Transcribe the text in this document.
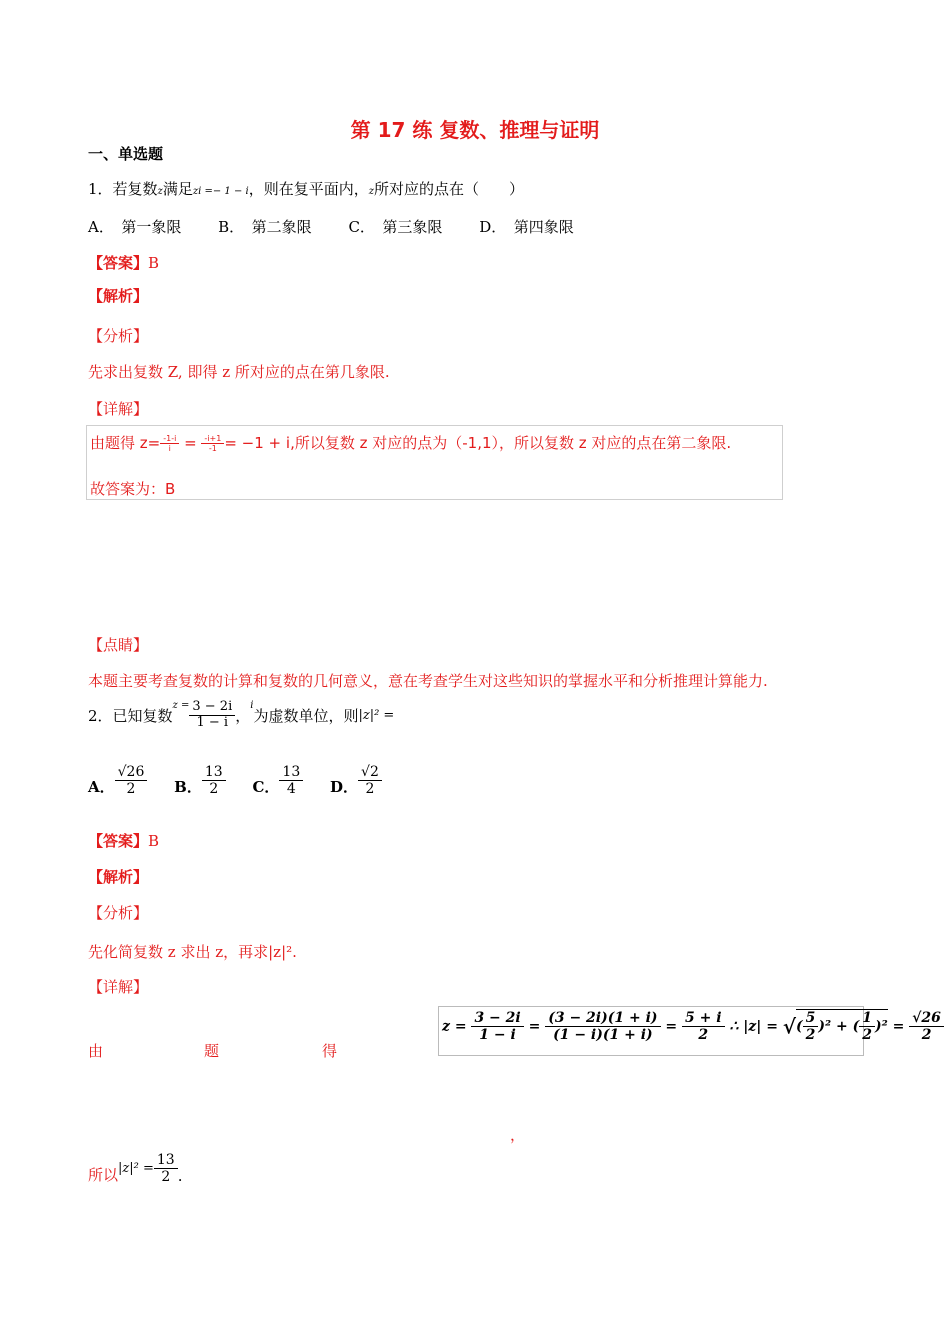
第 17 练 复数、推理与证明
一、单选题
1．若复数z满足zi =− 1 − i，则在复平面内，z所对应的点在（　　）
A．　第一象限 B．　第二象限 C．　第三象限 D．　第四象限
【答案】B
【解析】
【分析】
先求出复数 Z, 即得 z 所对应的点在第几象限.
【详解】
由题得 $z= \frac{-1-i}{i} = \frac{-i+1}{-1} = -1 + i$,所以复数 z 对应的点为（-1,1），所以复数 z 对应的点在第二象限.
故答案为：B
【点睛】
本题主要考查复数的计算和复数的几何意义，意在考查学生对这些知识的掌握水平和分析推理计算能力.
2．已知复数$^{z =} \frac{3 - 2i}{1 - i}$ ，$^i$为虚数单位，则|z|² =
A． $\frac{√26}{2}$ B． $\frac{13}{2}$ C． $\frac{13}{4}$ D． $\frac{√2}{2}$
【答案】B
【解析】
【分析】
先化简复数 z 求出 z，再求|z|².
【详解】
由	题	得
$z = \frac{3 - 2i}{1 - i} = \frac{(3 - 2i)(1 + i)}{(1 - i)(1 + i)} = \frac{5 + i}{2}$ ∴ |z| = √( $\frac{5}{2} )^2$ + ( $\frac{1}{2} )^2 = \frac{√26}{2}$
，
所以$|z|^2 = \frac{13}{2}$ .
